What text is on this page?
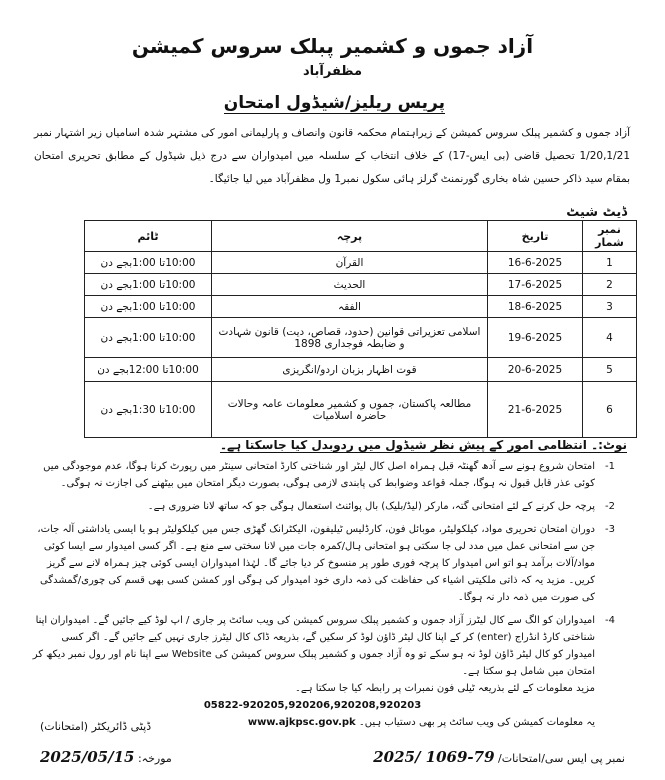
آزاد جموں و کشمیر پبلک سروس کمیشن
مظفرآباد
پریس ریلیز/شیڈول امتحان
آزاد جموں و کشمیر پبلک سروس کمیشن کے زیراہتمام محکمہ قانون وانصاف و پارلیمانی امور کی مشتہر شدہ اسامیاں زیر اشتہار نمبر 1/20,1/21 تحصیل قاضی (بی ایس-17) کے خلاف انتخاب کے سلسلہ میں امیدواران سے درج ذیل شیڈول کے مطابق تحریری امتحان بمقام سید ذاکر حسین شاہ بخاری گورنمنٹ گرلز ہائی سکول نمبر1 ول مظفرآباد میں لیا جائیگا۔
ڈیٹ شیٹ
نمبر شمار	تاریخ	پرچہ	ٹائم
1	16-6-2025	القرآن	10:00تا 1:00بجے دن
2	17-6-2025	الحدیث	10:00تا 1:00بجے دن
3	18-6-2025	الفقہ	10:00تا 1:00بجے دن
4	19-6-2025	اسلامی تعزیراتی قوانین (حدود، قصاص، دیت) قانون شہادت و ضابطہ فوجداری 1898	10:00تا 1:00بجے دن
5	20-6-2025	قوت اظہار بزبان اردو/انگریزی	10:00تا 12:00بجے دن
6	21-6-2025	مطالعہ پاکستان، جموں و کشمیر معلومات عامہ وحالات حاضرہ اسلامیات	10:00تا 1:30بجے دن
نوٹ:۔ انتظامی امور کے پیش نظر شیڈول میں ردوبدل کیا جاسکتا ہے۔
-1
امتحان شروع ہونے سے آدھ گھنٹہ قبل ہمراہ اصل کال لیٹر اور شناختی کارڈ امتحانی سینٹر میں رپورٹ کرنا ہوگا، عدم موجودگی میں کوئی عذر قابل قبول نہ ہوگا، جملہ قواعد وضوابط کی پابندی لازمی ہوگی، بصورت دیگر امتحان میں بیٹھنے کی اجازت نہ ہوگی۔
-2
پرچہ حل کرنے کے لئے امتحانی گتہ، مارکر (لیڈ/بلیک) بال پوائنٹ استعمال ہوگی جو کہ ساتھ لانا ضروری ہے۔
-3
دوران امتحان تحریری مواد، کیلکولیٹر، موبائل فون، کارڈلیس ٹیلیفون، الیکٹرانک گھڑی جس میں کیلکولیٹر ہو یا ایسی یاداشتی آلہ جات، جن سے امتحانی عمل میں مدد لی جا سکتی ہو امتحانی ہال/کمرہ جات میں لانا سختی سے منع ہے۔ اگر کسی امیدوار سے ایسا کوئی مواد/آلات برآمد ہو اتو اس امیدوار کا پرچہ فوری طور پر منسوخ کر دیا جائے گا۔ لہٰذا امیدواران ایسی کوئی چیز ہمراہ لانے سے گریز کریں۔ مزید یہ کہ ذاتی ملکیتی اشیاء کی حفاظت کی ذمہ داری خود امیدوار کی ہوگی اور کمشن کسی بھی قسم کی چوری/گمشدگی کی صورت میں ذمہ دار نہ ہوگا۔
-4
امیدواران کو الگ سے کال لیٹرز آزاد جموں و کشمیر پبلک سروس کمیشن کی ویب سائٹ پر جاری / اپ لوڈ کیے جائیں گے۔ امیدواران اپنا شناختی کارڈ انڈراج (enter) کر کے اپنا کال لیٹر ڈاؤن لوڈ کر سکیں گے، بذریعہ ڈاک کال لیٹرز جاری نہیں کیے جائیں گے۔ اگر کسی امیدوار کو کال لیٹر ڈاؤن لوڈ نہ ہو سکے تو وہ آزاد جموں و کشمیر پبلک سروس کمیشن کی Website سے اپنا نام اور رول نمبر دیکھ کر امتحان میں شامل ہو سکتا ہے۔
مزید معلومات کے لئے بذریعہ ٹیلی فون نمبرات پر رابطہ کیا جا سکتا ہے۔
05822-920205,920206,920208,920203
یہ معلومات کمیشن کی ویب سائٹ پر بھی دستیاب ہیں۔ www.ajkpsc.gov.pk
ڈپٹی ڈائریکٹر (امتحانات)
نمبر پی ایس سی/امتحانات/ 2025/ 1069-79
مورخہ: 2025/05/15
